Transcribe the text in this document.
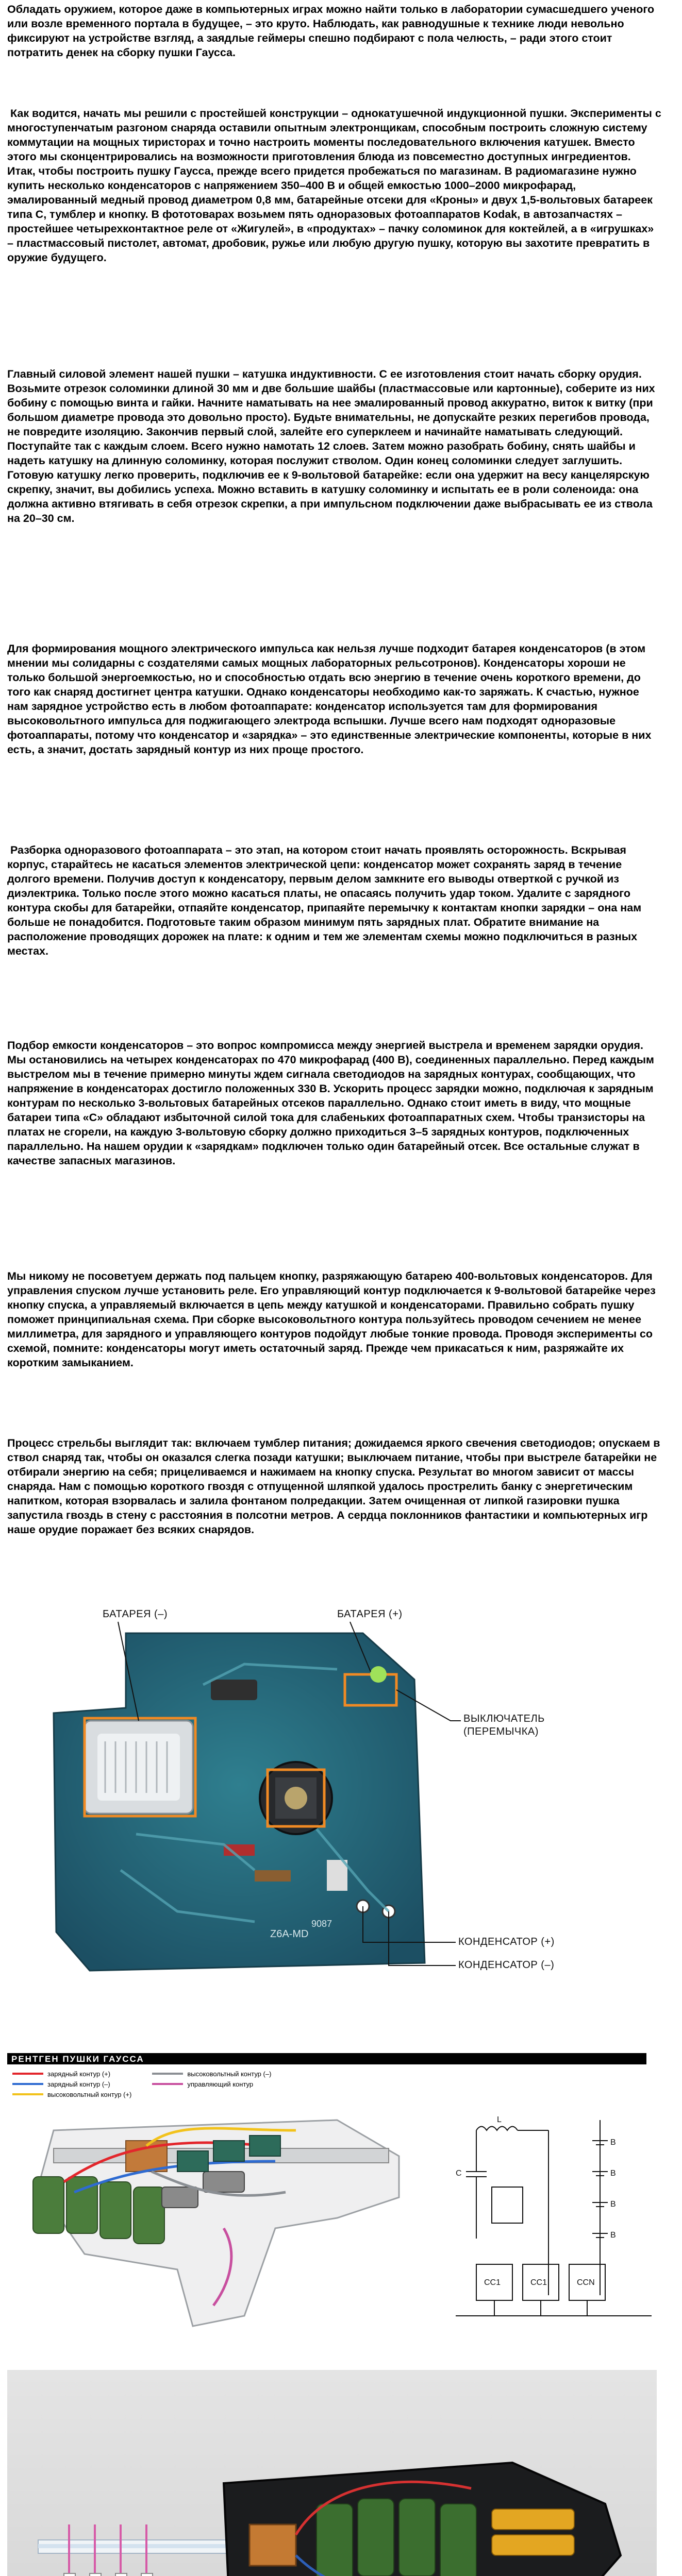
Обладать оружием, которое даже в компьютерных играх можно найти только в лаборатории сумасшедшего ученого или возле временного портала в будущее, – это круто. Наблюдать, как равнодушные к технике люди невольно фиксируют на устройстве взгляд, а заядлые геймеры спешно подбирают с пола челюсть, – ради этого стоит потратить денек на сборку пушки Гаусса.

Как водится, начать мы решили с простейшей конструкции – однокатушечной индукционной пушки. Эксперименты с многоступенчатым разгоном снаряда оставили опытным электронщикам, способным построить сложную систему коммутации на мощных тиристорах и точно настроить моменты последовательного включения катушек. Вместо этого мы сконцентрировались на возможности приготовления блюда из повсеместно доступных ингредиентов. Итак, чтобы построить пушку Гаусса, прежде всего придется пробежаться по магазинам. В радиомагазине нужно купить несколько конденсаторов с напряжением 350–400 В и общей емкостью 1000–2000 микрофарад, эмалированный медный провод диаметром 0,8 мм, батарейные отсеки для «Кроны» и двух 1,5-вольтовых батареек типа С, тумблер и кнопку. В фототоварах возьмем пять одноразовых фотоаппаратов Kodak, в автозапчастях – простейшее четырехконтактное реле от «Жигулей», в «продуктах» – пачку соломинок для коктейлей, а в «игрушках» – пластмассовый пистолет, автомат, дробовик, ружье или любую другую пушку, которую вы захотите превратить в оружие будущего.

Главный силовой элемент нашей пушки – катушка индуктивности. С ее изготовления стоит начать сборку орудия. Возьмите отрезок соломинки длиной 30 мм и две большие шайбы (пластмассовые или картонные), соберите из них бобину с помощью винта и гайки. Начните наматывать на нее эмалированный провод аккуратно, виток к витку (при большом диаметре провода это довольно просто). Будьте внимательны, не допускайте резких перегибов провода, не повредите изоляцию. Закончив первый слой, залейте его суперклеем и начинайте наматывать следующий. Поступайте так с каждым слоем. Всего нужно намотать 12 слоев. Затем можно разобрать бобину, снять шайбы и надеть катушку на длинную соломинку, которая послужит стволом. Один конец соломинки следует заглушить. Готовую катушку легко проверить, подключив ее к 9-вольтовой батарейке: если она удержит на весу канцелярскую скрепку, значит, вы добились успеха. Можно вставить в катушку соломинку и испытать ее в роли соленоида: она должна активно втягивать в себя отрезок скрепки, а при импульсном подключении даже выбрасывать ее из ствола на 20–30 см.

Для формирования мощного электрического импульса как нельзя лучше подходит батарея конденсаторов (в этом мнении мы солидарны с создателями самых мощных лабораторных рельсотронов). Конденсаторы хороши не только большой энергоемкостью, но и способностью отдать всю энергию в течение очень короткого времени, до того как снаряд достигнет центра катушки. Однако конденсаторы необходимо как-то заряжать. К счастью, нужное нам зарядное устройство есть в любом фотоаппарате: конденсатор используется там для формирования высоковольтного импульса для поджигающего электрода вспышки. Лучше всего нам подходят одноразовые фотоаппараты, потому что конденсатор и «зарядка» – это единственные электрические компоненты, которые в них есть, а значит, достать зарядный контур из них проще простого.

Разборка одноразового фотоаппарата – это этап, на котором стоит начать проявлять осторожность. Вскрывая корпус, старайтесь не касаться элементов электрической цепи: конденсатор может сохранять заряд в течение долгого времени. Получив доступ к конденсатору, первым делом замкните его выводы отверткой с ручкой из диэлектрика. Только после этого можно касаться платы, не опасаясь получить удар током. Удалите с зарядного контура скобы для батарейки, отпаяйте конденсатор, припаяйте перемычку к контактам кнопки зарядки – она нам больше не понадобится. Подготовьте таким образом минимум пять зарядных плат. Обратите внимание на расположение проводящих дорожек на плате: к одним и тем же элементам схемы можно подключиться в разных местах.

Подбор емкости конденсаторов – это вопрос компромисса между энергией выстрела и временем зарядки орудия. Мы остановились на четырех конденсаторах по 470 микрофарад (400 В), соединенных параллельно. Перед каждым выстрелом мы в течение примерно минуты ждем сигнала светодиодов на зарядных контурах, сообщающих, что напряжение в конденсаторах достигло положенных 330 В. Ускорить процесс зарядки можно, подключая к зарядным контурам по несколько 3-вольтовых батарейных отсеков параллельно. Однако стоит иметь в виду, что мощные батареи типа «С» обладают избыточной силой тока для слабеньких фотоаппаратных схем. Чтобы транзисторы на платах не сгорели, на каждую 3-вольтовую сборку должно приходиться 3–5 зарядных контуров, подключенных параллельно. На нашем орудии к «зарядкам» подключен только один батарейный отсек. Все остальные служат в качестве запасных магазинов.

Мы никому не посоветуем держать под пальцем кнопку, разряжающую батарею 400-вольтовых конденсаторов. Для управления спуском лучше установить реле. Его управляющий контур подключается к 9-вольтовой батарейке через кнопку спуска, а управляемый включается в цепь между катушкой и конденсаторами. Правильно собрать пушку поможет принципиальная схема. При сборке высоковольтного контура пользуйтесь проводом сечением не менее миллиметра, для зарядного и управляющего контуров подойдут любые тонкие провода. Проводя эксперименты со схемой, помните: конденсаторы могут иметь остаточный заряд. Прежде чем прикасаться к ним, разряжайте их коротким замыканием.

Процесс стрельбы выглядит так: включаем тумблер питания; дожидаемся яркого свечения светодиодов; опускаем в ствол снаряд так, чтобы он оказался слегка позади катушки; выключаем питание, чтобы при выстреле батарейки не отбирали энергию на себя; прицеливаемся и нажимаем на кнопку спуска. Результат во многом зависит от массы снаряда. Нам с помощью короткого гвоздя с отпущенной шляпкой удалось прострелить банку с энергетическим напитком, которая взорвалась и залила фонтаном полредакции. Затем очищенная от липкой газировки пушка запустила гвоздь в стену с расстояния в полсотни метров. А сердца поклонников фантастики и компьютерных игр наше орудие поражает без всяких снарядов.

Z6A-MD
9087
БАТАРЕЯ (–)	БАТАРЕЯ (+)
ВЫКЛЮЧАТЕЛЬ
(ПЕРЕМЫЧКА)
КОНДЕНСАТОР (+)
КОНДЕНСАТОР (–)
РЕНТГЕН ПУШКИ ГАУССА
зарядный контур (+)
зарядный контур (–)
высоковольтный контур (+)
высоковольтный контур (–)
управляющий контур
L
B
B
B
B
C
CC1	CC1	CCN
